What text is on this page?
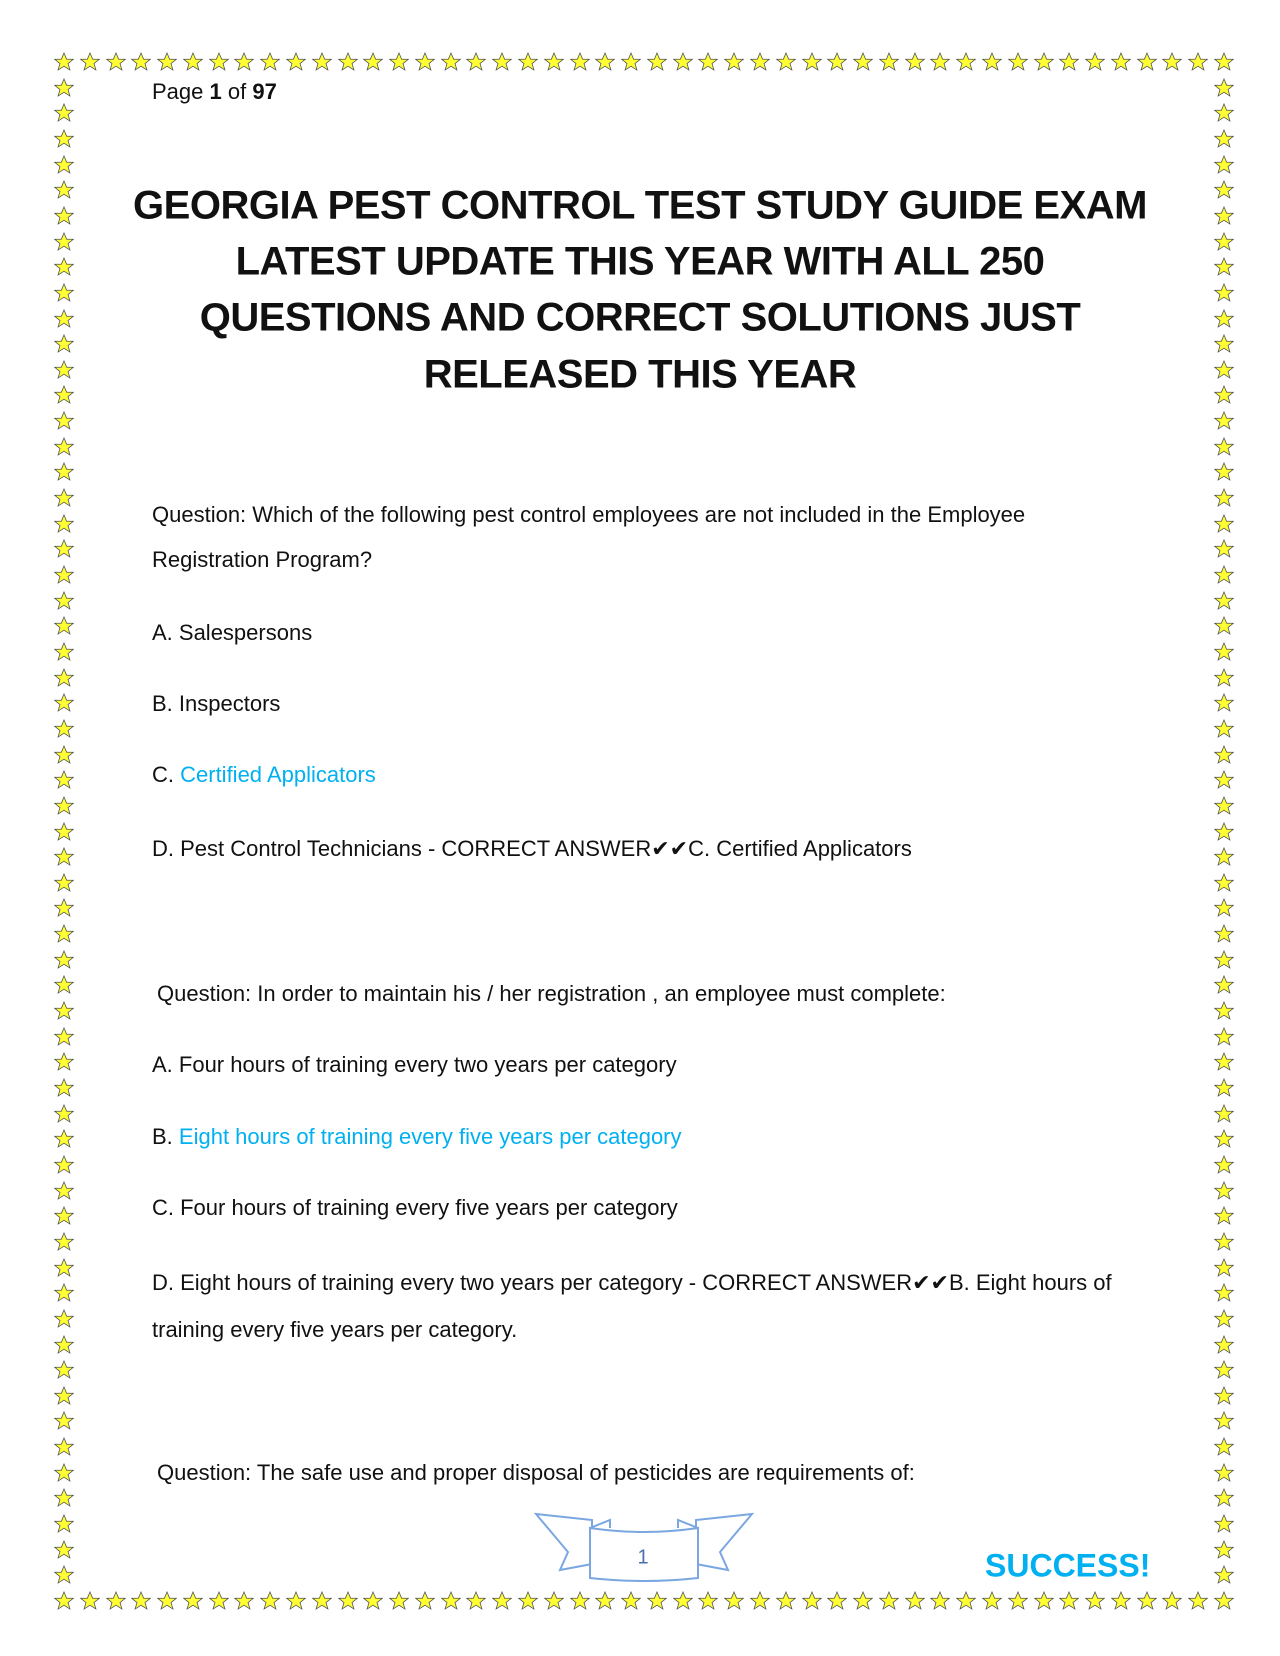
Page 1 of 97
GEORGIA PEST CONTROL TEST STUDY GUIDE EXAM
LATEST UPDATE THIS YEAR WITH ALL 250
QUESTIONS AND CORRECT SOLUTIONS JUST
RELEASED THIS YEAR
Question: Which of the following pest control employees are not included in the Employee
Registration Program?
A. Salespersons
B. Inspectors
C. Certified Applicators
D. Pest Control Technicians - CORRECT ANSWER✔✔C. Certified Applicators
Question: In order to maintain his / her registration , an employee must complete:
A. Four hours of training every two years per category
B. Eight hours of training every five years per category
C. Four hours of training every five years per category
D. Eight hours of training every two years per category - CORRECT ANSWER✔✔B. Eight hours of
training every five years per category.
Question: The safe use and proper disposal of pesticides are requirements of:
1	SUCCESS!
